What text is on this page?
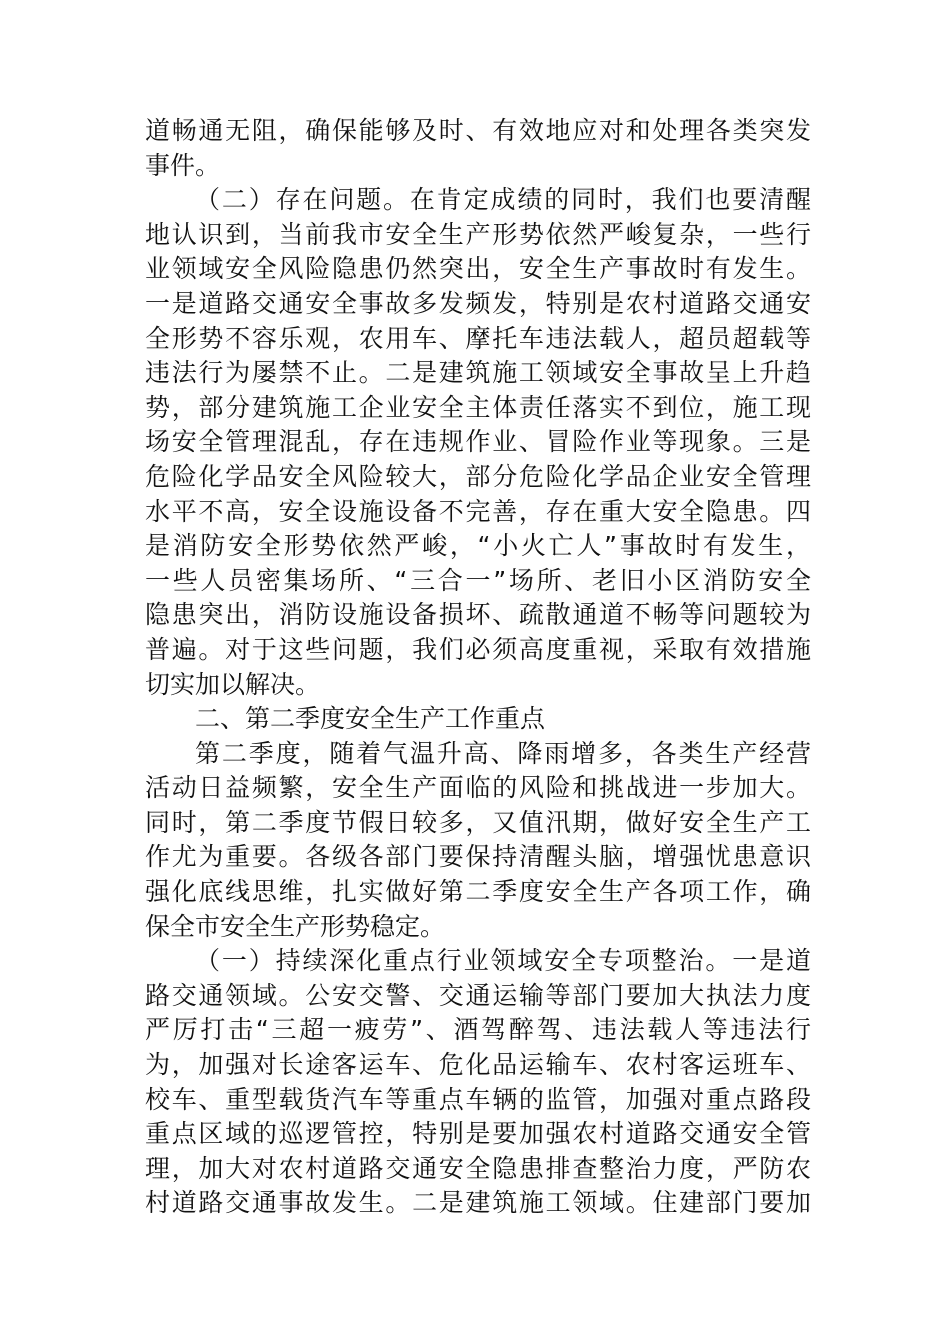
道畅通无阻，确保能够及时、有效地应对和处理各类突发
事件。
（二）存在问题。在肯定成绩的同时，我们也要清醒
地认识到，当前我市安全生产形势依然严峻复杂，一些行
业领域安全风险隐患仍然突出，安全生产事故时有发生。
一是道路交通安全事故多发频发，特别是农村道路交通安
全形势不容乐观，农用车、摩托车违法载人，超员超载等
违法行为屡禁不止。二是建筑施工领域安全事故呈上升趋
势，部分建筑施工企业安全主体责任落实不到位，施工现
场安全管理混乱，存在违规作业、冒险作业等现象。三是
危险化学品安全风险较大，部分危险化学品企业安全管理
水平不高，安全设施设备不完善，存在重大安全隐患。四
是消防安全形势依然严峻，“小火亡人”事故时有发生，
一些人员密集场所、“三合一”场所、老旧小区消防安全
隐患突出，消防设施设备损坏、疏散通道不畅等问题较为
普遍。对于这些问题，我们必须高度重视，采取有效措施
切实加以解决。
二、第二季度安全生产工作重点
第二季度，随着气温升高、降雨增多，各类生产经营
活动日益频繁，安全生产面临的风险和挑战进一步加大。
同时，第二季度节假日较多，又值汛期，做好安全生产工
作尤为重要。各级各部门要保持清醒头脑，增强忧患意识
强化底线思维，扎实做好第二季度安全生产各项工作，确
保全市安全生产形势稳定。
（一）持续深化重点行业领域安全专项整治。一是道
路交通领域。公安交警、交通运输等部门要加大执法力度
严厉打击“三超一疲劳”、酒驾醉驾、违法载人等违法行
为，加强对长途客运车、危化品运输车、农村客运班车、
校车、重型载货汽车等重点车辆的监管，加强对重点路段
重点区域的巡逻管控，特别是要加强农村道路交通安全管
理，加大对农村道路交通安全隐患排查整治力度，严防农
村道路交通事故发生。二是建筑施工领域。住建部门要加
